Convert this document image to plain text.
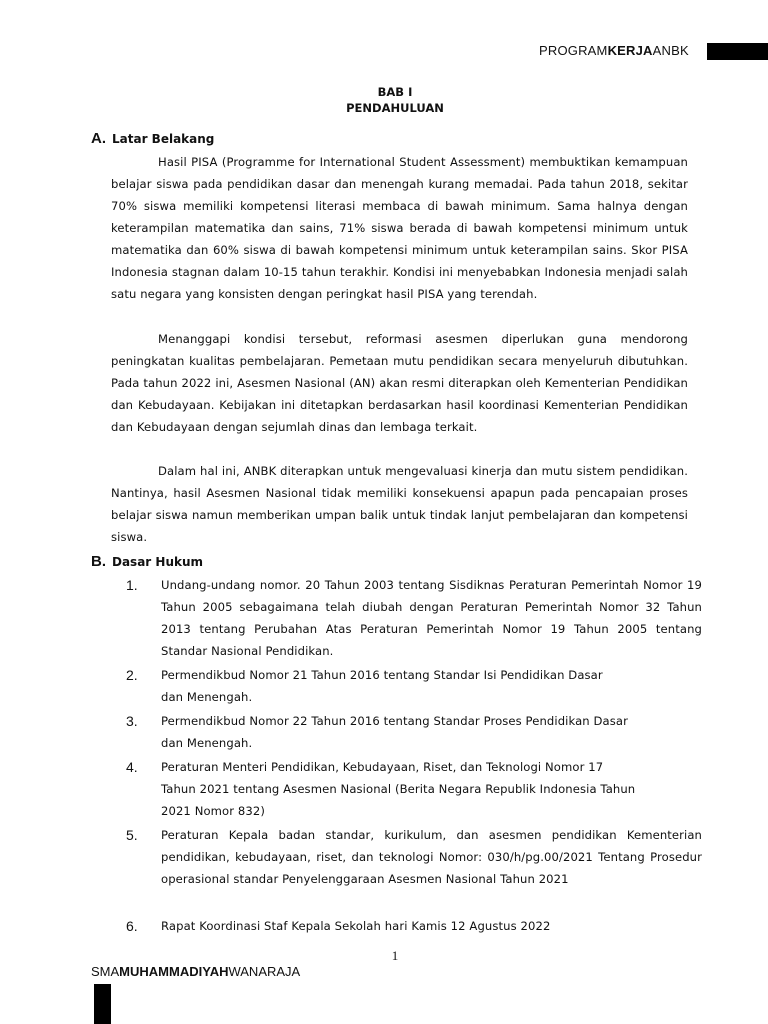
PROGRAMKERJAANBK
BAB I
PENDAHULUAN
A. Latar Belakang
Hasil PISA (Programme for International Student Assessment) membuktikan kemampuan belajar siswa pada pendidikan dasar dan menengah kurang memadai. Pada tahun 2018, sekitar 70% siswa memiliki kompetensi literasi membaca di bawah minimum. Sama halnya dengan keterampilan matematika dan sains, 71% siswa berada di bawah kompetensi minimum untuk matematika dan 60% siswa di bawah kompetensi minimum untuk keterampilan sains. Skor PISA Indonesia stagnan dalam 10-15 tahun terakhir. Kondisi ini menyebabkan Indonesia menjadi salah satu negara yang konsisten dengan peringkat hasil PISA yang terendah.
Menanggapi kondisi tersebut, reformasi asesmen diperlukan guna mendorong peningkatan kualitas pembelajaran. Pemetaan mutu pendidikan secara menyeluruh dibutuhkan. Pada tahun 2022 ini, Asesmen Nasional (AN) akan resmi diterapkan oleh Kementerian Pendidikan dan Kebudayaan. Kebijakan ini ditetapkan berdasarkan hasil koordinasi Kementerian Pendidikan dan Kebudayaan dengan sejumlah dinas dan lembaga terkait.
Dalam hal ini, ANBK diterapkan untuk mengevaluasi kinerja dan mutu sistem pendidikan. Nantinya, hasil Asesmen Nasional tidak memiliki konsekuensi apapun pada pencapaian proses belajar siswa namun memberikan umpan balik untuk tindak lanjut pembelajaran dan kompetensi siswa.
B. Dasar Hukum
1. Undang-undang nomor. 20 Tahun 2003 tentang Sisdiknas Peraturan Pemerintah Nomor 19 Tahun 2005 sebagaimana telah diubah dengan Peraturan Pemerintah Nomor 32 Tahun 2013 tentang Perubahan Atas Peraturan Pemerintah Nomor 19 Tahun 2005 tentang Standar Nasional Pendidikan.
2. Permendikbud Nomor 21 Tahun 2016 tentang Standar Isi Pendidikan Dasar
dan Menengah.
3. Permendikbud Nomor 22 Tahun 2016 tentang Standar Proses Pendidikan Dasar
dan Menengah.
4. Peraturan Menteri Pendidikan, Kebudayaan, Riset, dan Teknologi Nomor 17
Tahun 2021 tentang Asesmen Nasional (Berita Negara Republik Indonesia Tahun
2021 Nomor 832)
5. Peraturan Kepala badan standar, kurikulum, dan asesmen pendidikan Kementerian pendidikan, kebudayaan, riset, dan teknologi Nomor: 030/h/pg.00/2021 Tentang Prosedur operasional standar Penyelenggaraan Asesmen Nasional Tahun 2021
6. Rapat Koordinasi Staf Kepala Sekolah hari Kamis 12 Agustus 2022
1
SMAMUHAMMADIYAHWANARAJA
